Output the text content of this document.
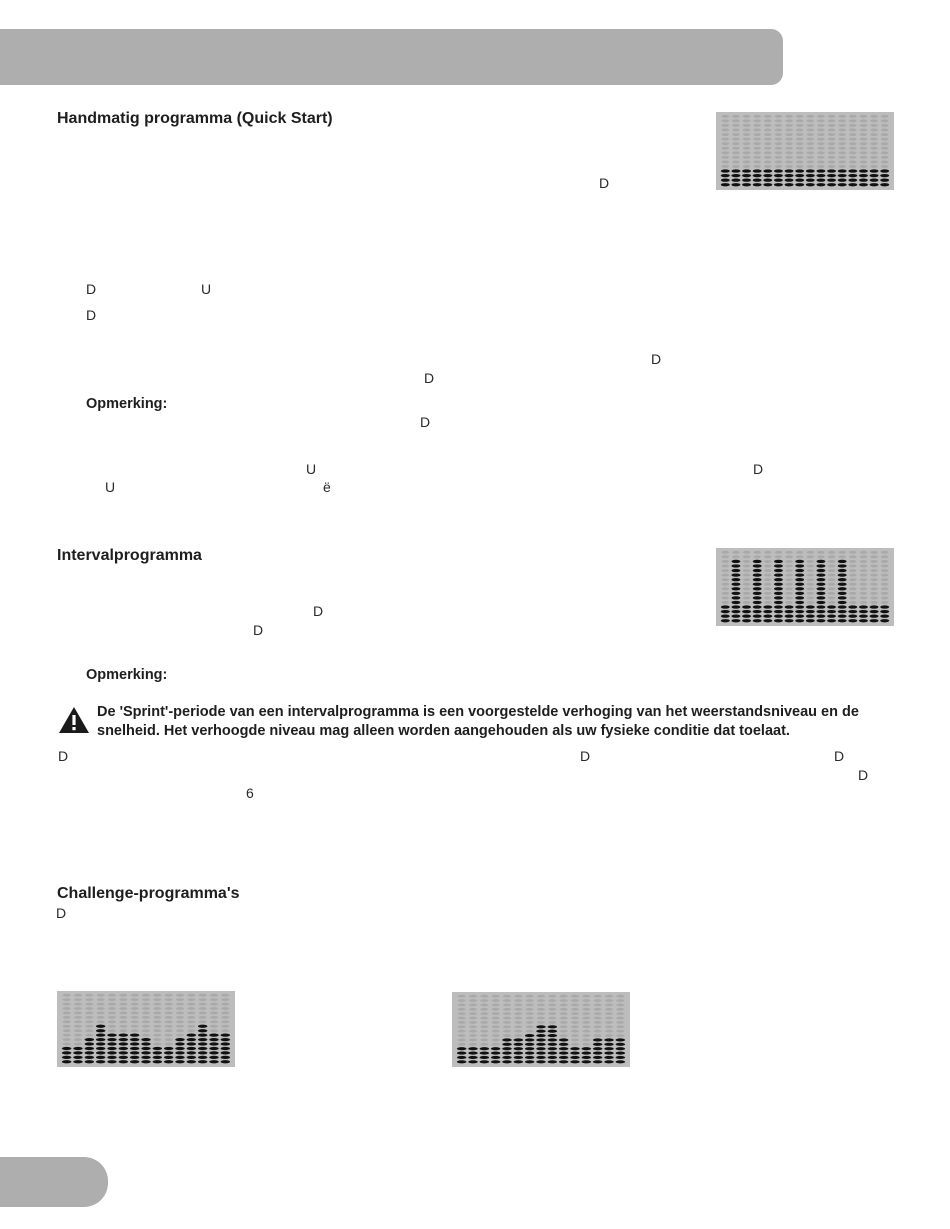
Handmatig programma (Quick Start)
D
D	U
D
D
D
Opmerking:
D
U	D
U	ë
Intervalprogramma
D
D
Opmerking:
De 'Sprint'-periode van een intervalprogramma is een voorgestelde verhoging van het weerstandsniveau en de snelheid. Het verhoogde niveau mag alleen worden aangehouden als uw fysieke conditie dat toelaat.
D	D	D
D
6
Challenge-programma's
D
